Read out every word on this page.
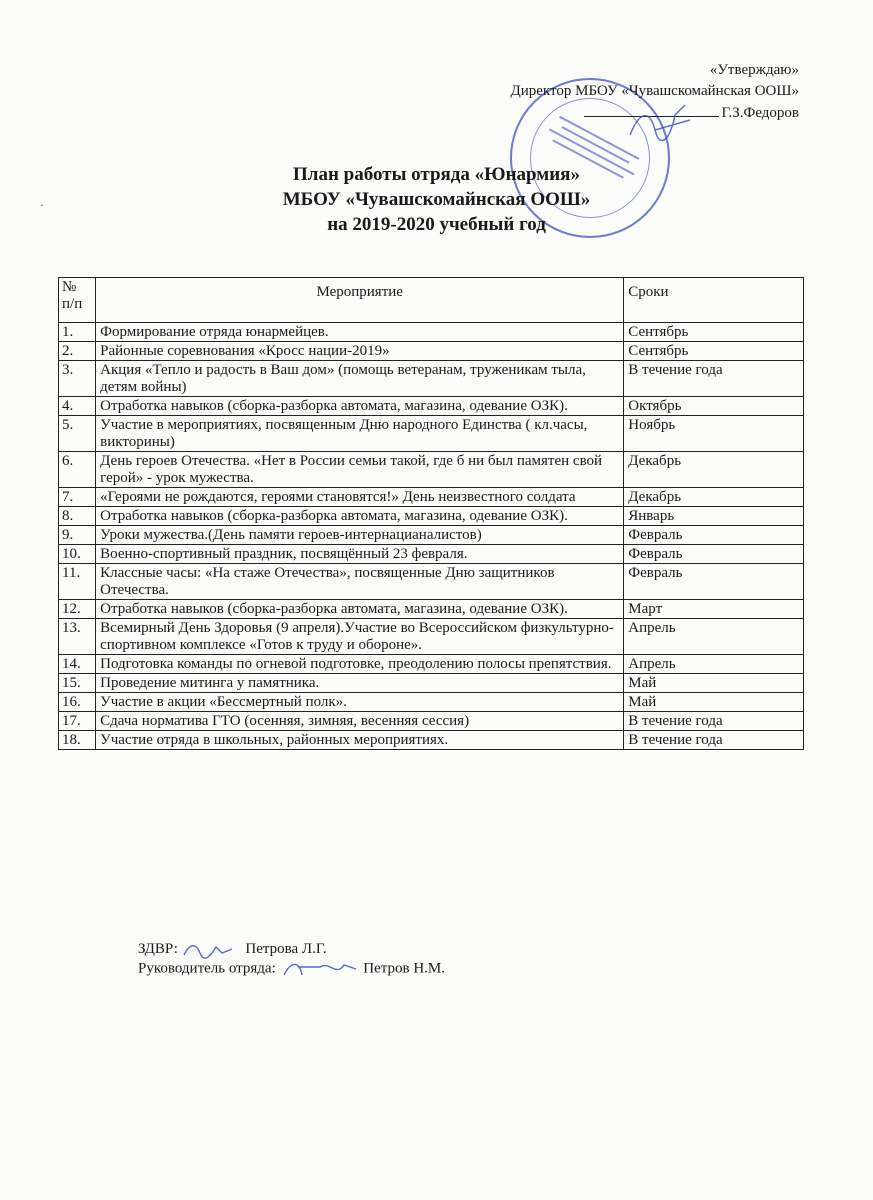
«Утверждаю»
Директор МБОУ «Чувашскомайнская ООШ»
Г.З.Федоров
План работы отряда «Юнармия»
МБОУ «Чувашскомайнская ООШ»
на 2019-2020 учебный год
№ п/п	Мероприятие	Сроки
1.	Формирование отряда юнармейцев.	Сентябрь
2.	Районные соревнования «Кросс нации-2019»	Сентябрь
3.	Акция «Тепло и радость в Ваш дом» (помощь ветеранам, труженикам тыла, детям войны)	В течение года
4.	Отработка навыков (сборка-разборка автомата, магазина, одевание ОЗК).	Октябрь
5.	Участие в мероприятиях, посвященным Дню народного Единства ( кл.часы, викторины)	Ноябрь
6.	День героев Отечества. «Нет в России семьи такой, где б ни был памятен свой герой» - урок мужества.	Декабрь
7.	«Героями не рождаются, героями становятся!» День неизвестного солдата	Декабрь
8.	Отработка навыков (сборка-разборка автомата, магазина, одевание ОЗК).	Январь
9.	Уроки мужества.(День памяти героев-интернацианалистов)	Февраль
10.	Военно-спортивный праздник, посвящённый 23 февраля.	Февраль
11.	Классные часы: «На стаже Отечества», посвященные Дню защитников Отечества.	Февраль
12.	Отработка навыков (сборка-разборка автомата, магазина, одевание ОЗК).	Март
13.	Всемирный День Здоровья (9 апреля).Участие во Всероссийском физкультурно-спортивном комплексе «Готов к труду и обороне».	Апрель
14.	Подготовка команды по огневой подготовке, преодолению полосы препятствия.	Апрель
15.	Проведение митинга у памятника.	Май
16.	Участие в акции «Бессмертный полк».	Май
17.	Сдача норматива ГТО (осенняя, зимняя, весенняя сессия)	В течение года
18.	Участие отряда в школьных, районных мероприятиях.	В течение года
ЗДВР:	Петрова Л.Г.
Руководитель отряда:	Петров Н.М.
·
